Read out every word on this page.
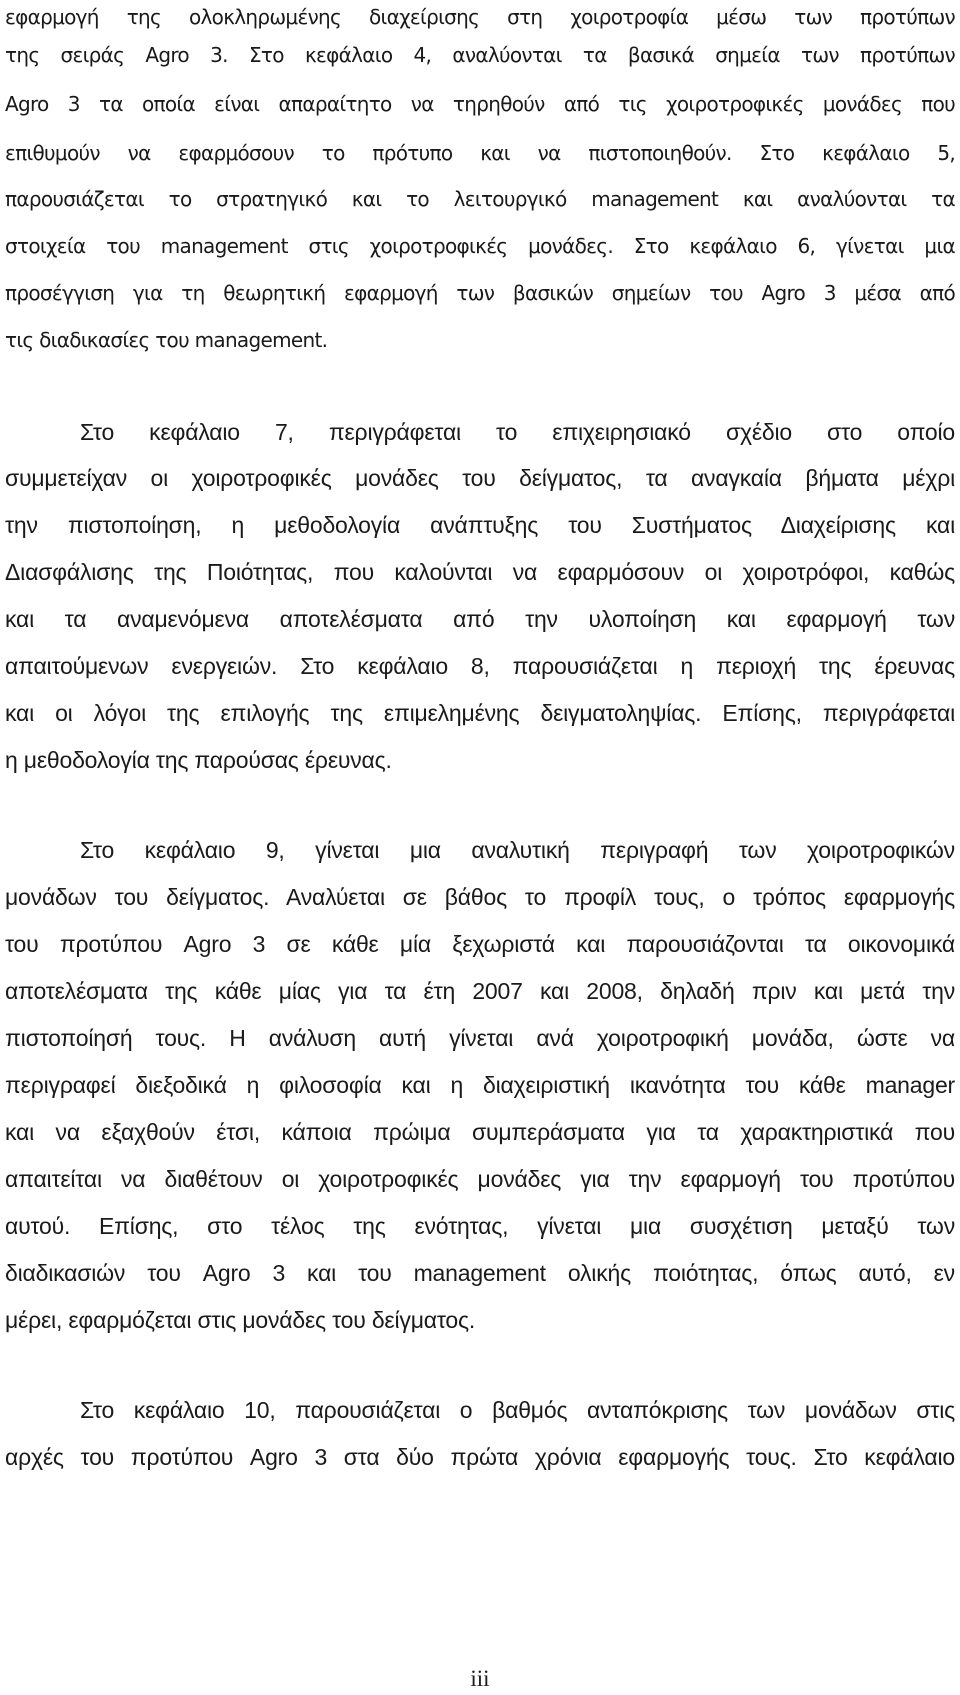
εφαρμογή της ολοκληρωμένης διαχείρισης στη χοιροτροφία μέσω των προτύπων

της σειράς Agro 3. Στο κεφάλαιο 4, αναλύονται τα βασικά σημεία των προτύπων

Agro 3 τα οποία είναι απαραίτητο να τηρηθούν από τις χοιροτροφικές μονάδες που

επιθυμούν να εφαρμόσουν το πρότυπο και να πιστοποιηθούν. Στο κεφάλαιο 5,

παρουσιάζεται το στρατηγικό και το λειτουργικό management και αναλύονται τα

στοιχεία του management στις χοιροτροφικές μονάδες. Στο κεφάλαιο 6, γίνεται μια

προσέγγιση για τη θεωρητική εφαρμογή των βασικών σημείων του Agro 3 μέσα από

τις διαδικασίες του management.

Στο κεφάλαιο 7, περιγράφεται το επιχειρησιακό σχέδιο στο οποίο

συμμετείχαν οι χοιροτροφικές μονάδες του δείγματος, τα αναγκαία βήματα μέχρι

την πιστοποίηση, η μεθοδολογία ανάπτυξης του Συστήματος Διαχείρισης και

Διασφάλισης της Ποιότητας, που καλούνται να εφαρμόσουν οι χοιροτρόφοι, καθώς

και τα αναμενόμενα αποτελέσματα από την υλοποίηση και εφαρμογή των

απαιτούμενων ενεργειών. Στο κεφάλαιο 8, παρουσιάζεται η περιοχή της έρευνας

και οι λόγοι της επιλογής της επιμελημένης δειγματοληψίας. Επίσης, περιγράφεται

η μεθοδολογία της παρούσας έρευνας.

Στο κεφάλαιο 9, γίνεται μια αναλυτική περιγραφή των χοιροτροφικών

μονάδων του δείγματος. Αναλύεται σε βάθος το προφίλ τους, ο τρόπος εφαρμογής

του προτύπου Agro 3 σε κάθε μία ξεχωριστά και παρουσιάζονται τα οικονομικά

αποτελέσματα της κάθε μίας για τα έτη 2007 και 2008, δηλαδή πριν και μετά την

πιστοποίησή τους. Η ανάλυση αυτή γίνεται ανά χοιροτροφική μονάδα, ώστε να

περιγραφεί διεξοδικά η φιλοσοφία και η διαχειριστική ικανότητα του κάθε manager

και να εξαχθούν έτσι, κάποια πρώιμα συμπεράσματα για τα χαρακτηριστικά που

απαιτείται να διαθέτουν οι χοιροτροφικές μονάδες για την εφαρμογή του προτύπου

αυτού. Επίσης, στο τέλος της ενότητας, γίνεται μια συσχέτιση μεταξύ των

διαδικασιών του Agro 3 και του management ολικής ποιότητας, όπως αυτό, εν

μέρει, εφαρμόζεται στις μονάδες του δείγματος.

Στο κεφάλαιο 10, παρουσιάζεται ο βαθμός ανταπόκρισης των μονάδων στις

αρχές του προτύπου Agro 3 στα δύο πρώτα χρόνια εφαρμογής τους. Στο κεφάλαιο

iii
